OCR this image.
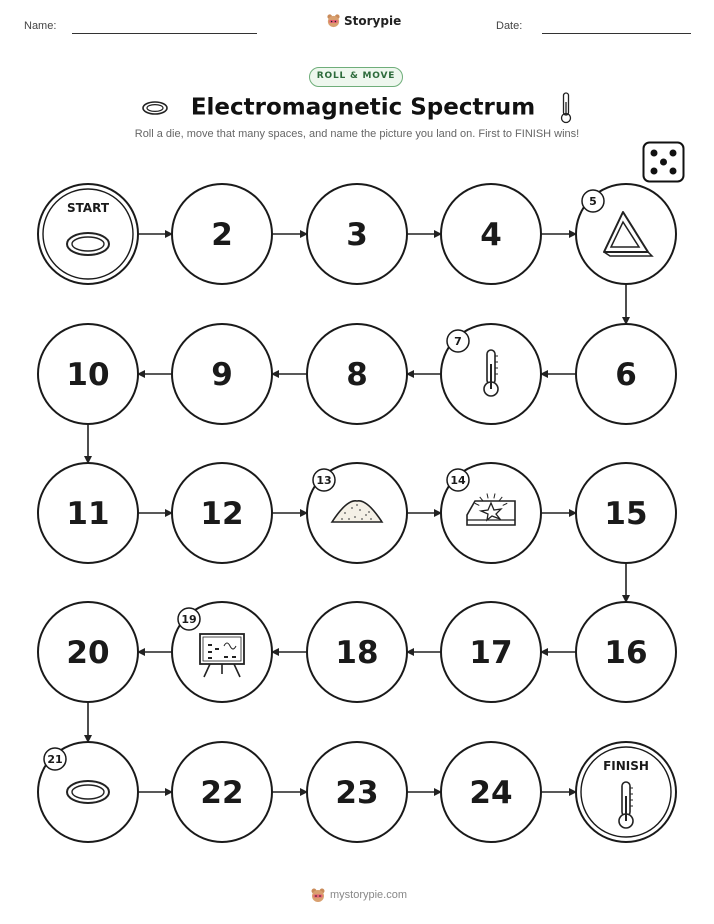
Name:	Storypie	Date:
ROLL & MOVE
Electromagnetic Spectrum
Roll a die, move that many spaces, and name the picture you land on. First to FINISH wins!
START
2	3	4
5
6
7
8
9
10
11	12
13	14
15
16
17
18
19
20
21
22	23	24
FINISH
mystorypie.com
